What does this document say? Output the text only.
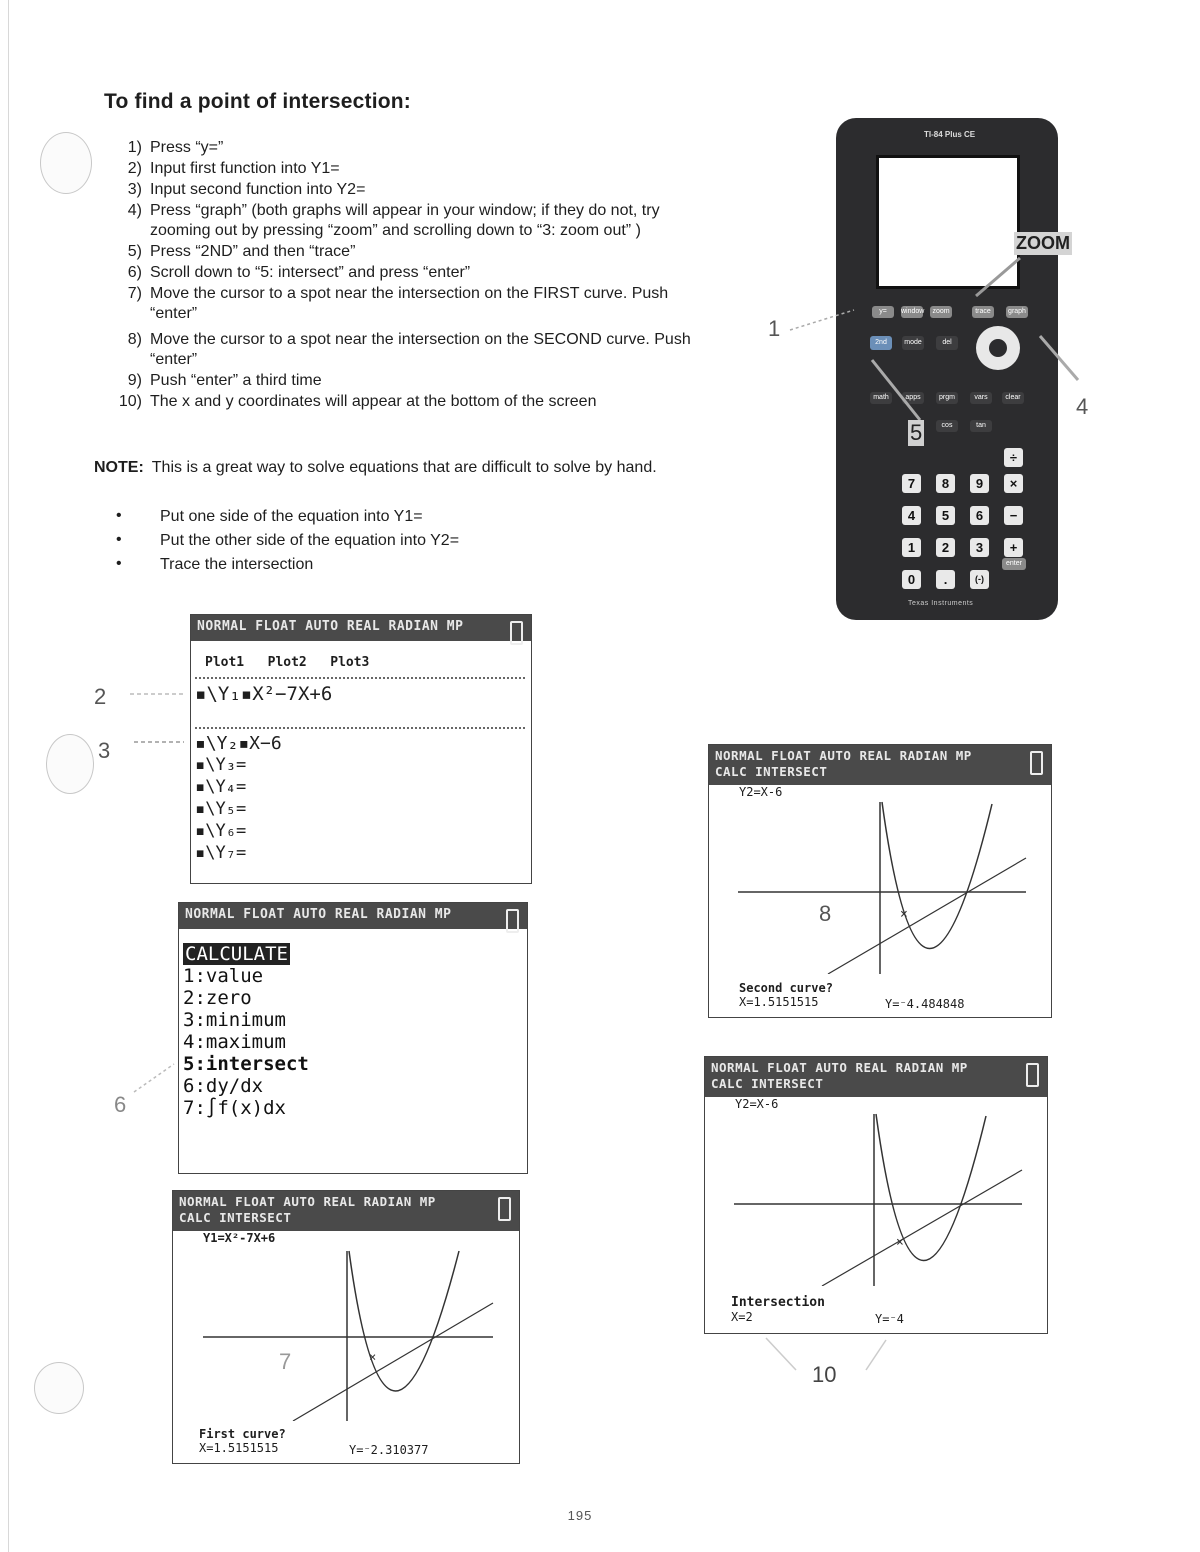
To find a point of intersection:
1) Press “y=”
2) Input first function into Y1=
3) Input second function into Y2=
4) Press “graph” (both graphs will appear in your window; if they do not, try zooming out by pressing “zoom” and scrolling down to “3: zoom out” )
5) Press “2ND” and then “trace”
6) Scroll down to “5: intersect” and press “enter”
7) Move the cursor to a spot near the intersection on the FIRST curve. Push “enter”
8) Move the cursor to a spot near the intersection on the SECOND curve. Push “enter”
9) Push “enter” a third time
10) The x and y coordinates will appear at the bottom of the screen
NOTE: This is a great way to solve equations that are difficult to solve by hand.
• Put one side of the equation into Y1=
• Put the other side of the equation into Y2=
• Trace the intersection
TI-84 Plus CE
y=	window	zoom	trace	graph
2nd	mode	del
math	apps	prgm	vars	clear
cos	tan
7	8	9
4	5	6
1	2	3
0	.	(-)
÷
×
−
+
enter
Texas Instruments
ZOOM
1
4
5
NORMAL FLOAT AUTO REAL RADIAN MP
Plot1 Plot2 Plot3
▪\Y₁▪X²−7X+6
▪\Y₂▪X−6
▪\Y₃=
▪\Y₄=
▪\Y₅=
▪\Y₆=
▪\Y₇=
2
3
NORMAL FLOAT AUTO REAL RADIAN MP
CALCULATE
1:value
2:zero
3:minimum
4:maximum
5:intersect
6:dy/dx
7:∫f(x)dx
6
NORMAL FLOAT AUTO REAL RADIAN MP
CALC INTERSECT
Y1=X²-7X+6
×
First curve?
X=1.5151515	Y=⁻2.310377
7
NORMAL FLOAT AUTO REAL RADIAN MP
CALC INTERSECT
Y2=X-6
Second curve?
X=1.5151515	Y=⁻4.484848
8	×
NORMAL FLOAT AUTO REAL RADIAN MP
CALC INTERSECT
Y2=X-6
Intersection
X=2	Y=⁻4
×
10
195
